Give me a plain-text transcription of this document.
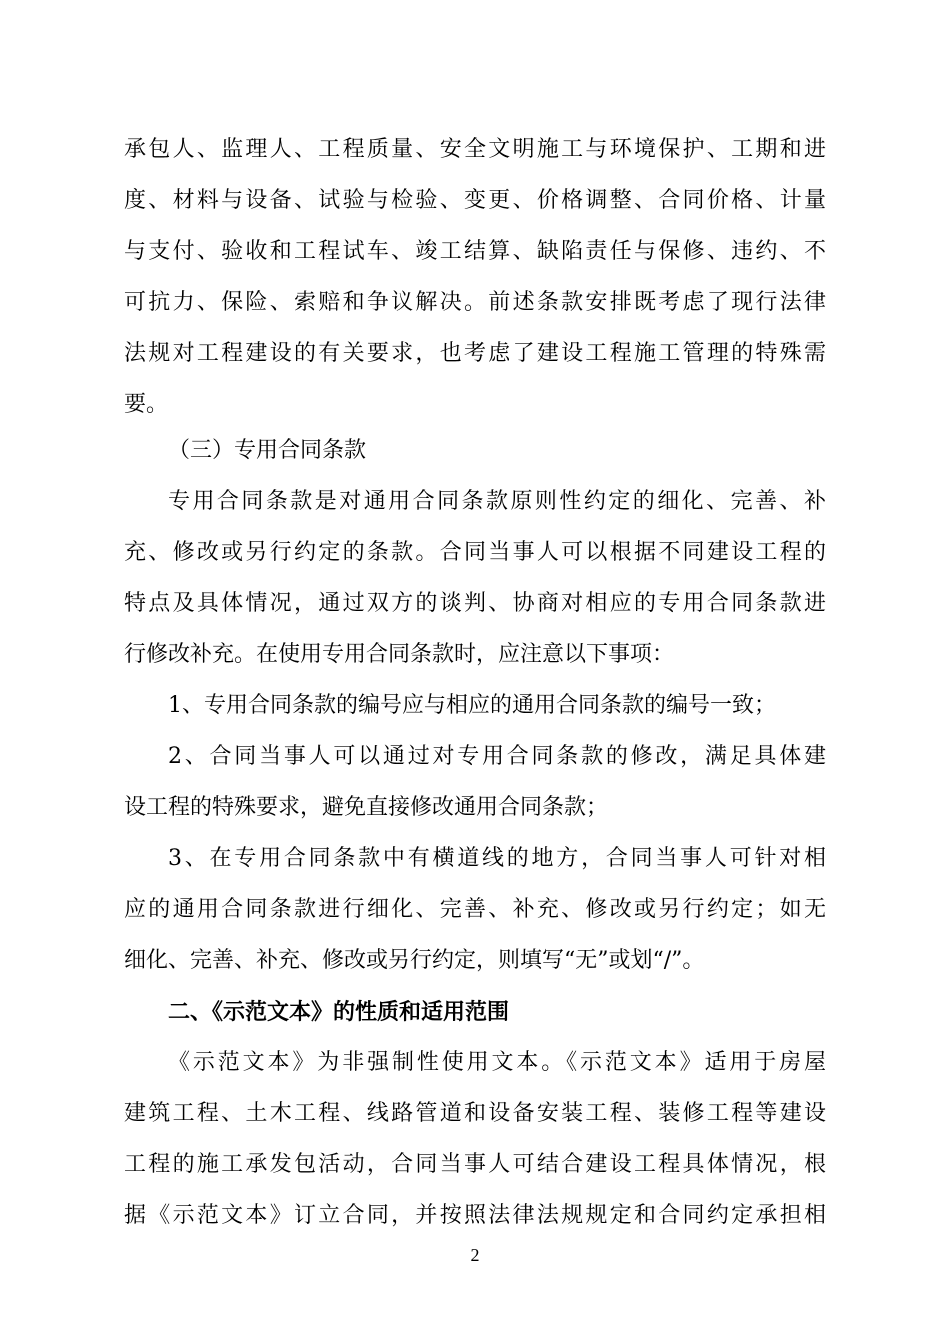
承包人、监理人、工程质量、安全文明施工与环境保护、工期和进
度、材料与设备、试验与检验、变更、价格调整、合同价格、计量
与支付、验收和工程试车、竣工结算、缺陷责任与保修、违约、不
可抗力、保险、索赔和争议解决。前述条款安排既考虑了现行法律
法规对工程建设的有关要求，也考虑了建设工程施工管理的特殊需
要。
（三）专用合同条款
专用合同条款是对通用合同条款原则性约定的细化、完善、补
充、修改或另行约定的条款。合同当事人可以根据不同建设工程的
特点及具体情况，通过双方的谈判、协商对相应的专用合同条款进
行修改补充。在使用专用合同条款时，应注意以下事项：
1、专用合同条款的编号应与相应的通用合同条款的编号一致；
2、合同当事人可以通过对专用合同条款的修改，满足具体建
设工程的特殊要求，避免直接修改通用合同条款；
3、在专用合同条款中有横道线的地方，合同当事人可针对相
应的通用合同条款进行细化、完善、补充、修改或另行约定；如无
细化、完善、补充、修改或另行约定，则填写“无”或划“/”。
二、《示范文本》的性质和适用范围
《示范文本》为非强制性使用文本。《示范文本》适用于房屋
建筑工程、土木工程、线路管道和设备安装工程、装修工程等建设
工程的施工承发包活动，合同当事人可结合建设工程具体情况，根
据《示范文本》订立合同，并按照法律法规规定和合同约定承担相
2
